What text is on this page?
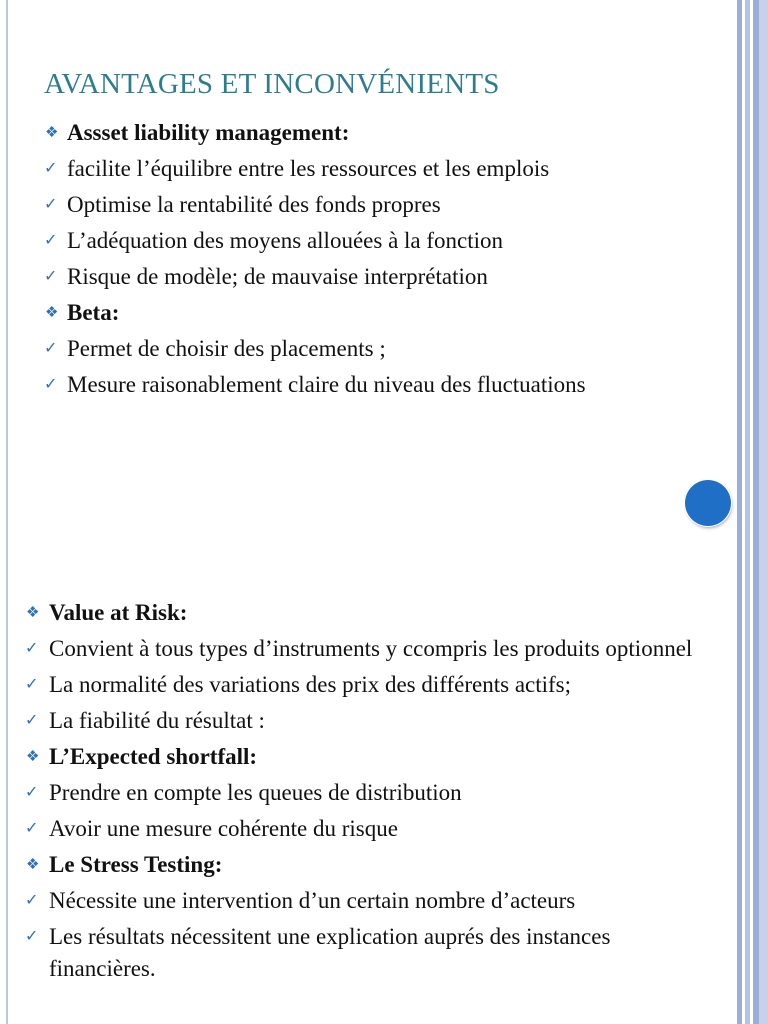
AVANTAGES ET INCONVÉNIENTS
❖ Assset liability management:
✓ facilite l’équilibre entre les ressources et les emplois
✓ Optimise la rentabilité des fonds propres
✓ L’adéquation des moyens allouées à la fonction
✓ Risque de modèle; de mauvaise interprétation
❖ Beta:
✓ Permet de choisir des placements ;
✓ Mesure raisonablement claire du niveau des fluctuations
❖ Value at Risk:
✓ Convient à tous types d’instruments y ccompris les produits optionnel
✓ La normalité des variations des prix des différents actifs;
✓ La fiabilité du résultat :
❖ L’Expected shortfall:
✓ Prendre en compte les queues de distribution
✓ Avoir une mesure cohérente du risque
❖ Le Stress Testing:
✓ Nécessite une intervention d’un certain nombre d’acteurs
✓ Les résultats nécessitent une explication auprés des instances financières.
